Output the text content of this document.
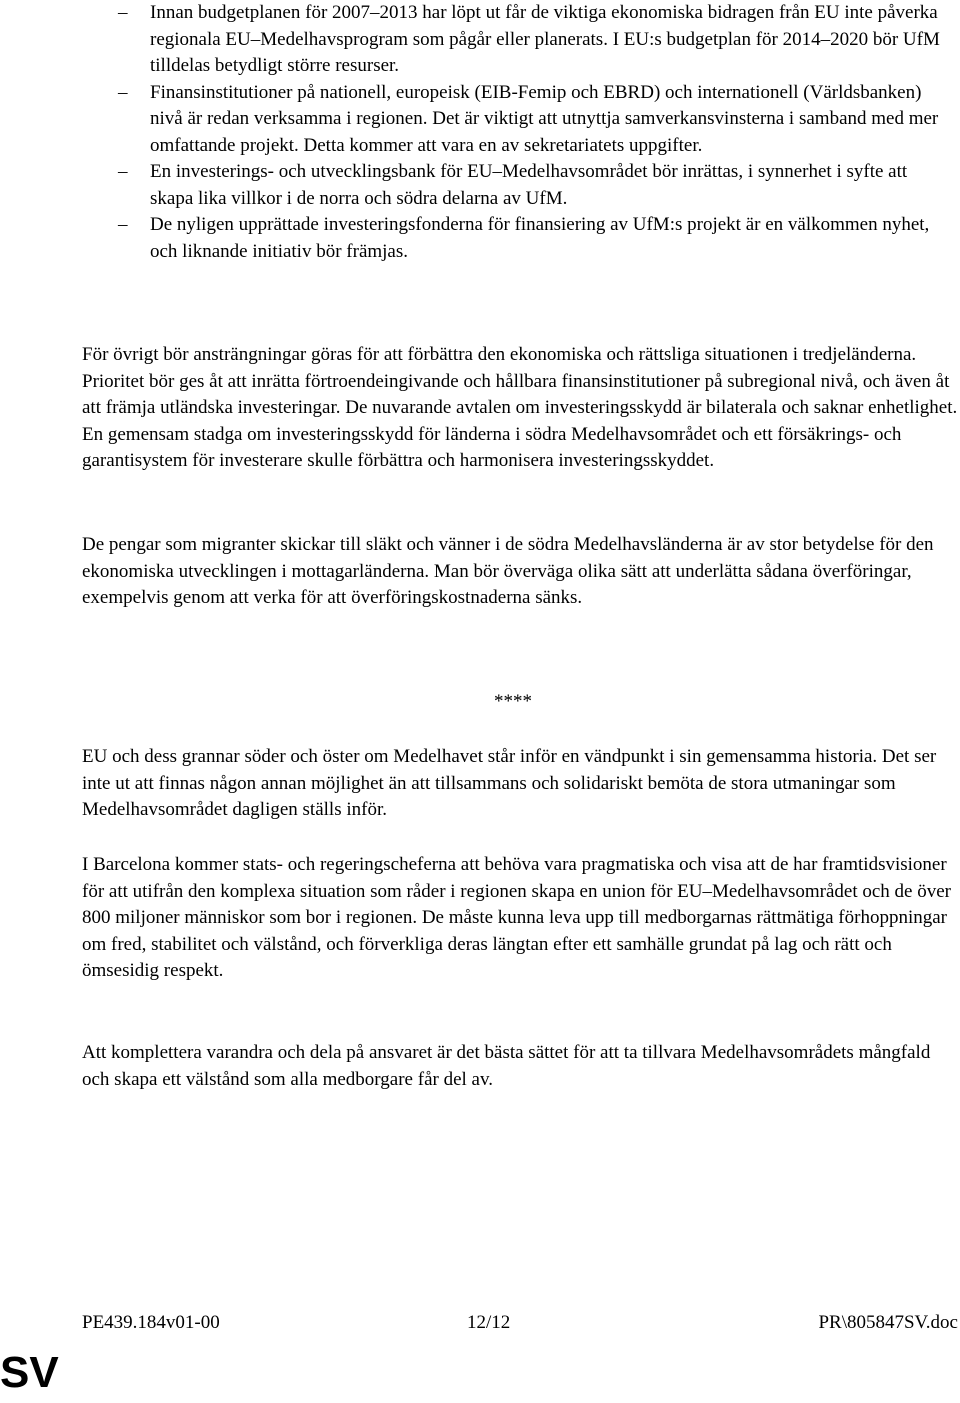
– Innan budgetplanen för 2007–2013 har löpt ut får de viktiga ekonomiska bidragen från EU inte påverka regionala EU–Medelhavsprogram som pågår eller planerats. I EU:s budgetplan för 2014–2020 bör UfM tilldelas betydligt större resurser.
– Finansinstitutioner på nationell, europeisk (EIB-Femip och EBRD) och internationell (Världsbanken) nivå är redan verksamma i regionen. Det är viktigt att utnyttja samverkansvinsterna i samband med mer omfattande projekt. Detta kommer att vara en av sekretariatets uppgifter.
– En investerings- och utvecklingsbank för EU–Medelhavsområdet bör inrättas, i synnerhet i syfte att skapa lika villkor i de norra och södra delarna av UfM.
– De nyligen upprättade investeringsfonderna för finansiering av UfM:s projekt är en välkommen nyhet, och liknande initiativ bör främjas.

För övrigt bör ansträngningar göras för att förbättra den ekonomiska och rättsliga situationen i tredjeländerna. Prioritet bör ges åt att inrätta förtroendeingivande och hållbara finansinstitutioner på subregional nivå, och även åt att främja utländska investeringar. De nuvarande avtalen om investeringsskydd är bilaterala och saknar enhetlighet. En gemensam stadga om investeringsskydd för länderna i södra Medelhavsområdet och ett försäkrings- och garantisystem för investerare skulle förbättra och harmonisera investeringsskyddet.

De pengar som migranter skickar till släkt och vänner i de södra Medelhavsländerna är av stor betydelse för den ekonomiska utvecklingen i mottagarländerna. Man bör överväga olika sätt att underlätta sådana överföringar, exempelvis genom att verka för att överföringskostnaderna sänks.

****

EU och dess grannar söder och öster om Medelhavet står inför en vändpunkt i sin gemensamma historia. Det ser inte ut att finnas någon annan möjlighet än att tillsammans och solidariskt bemöta de stora utmaningar som Medelhavsområdet dagligen ställs inför.

I Barcelona kommer stats- och regeringscheferna att behöva vara pragmatiska och visa att de har framtidsvisioner för att utifrån den komplexa situation som råder i regionen skapa en union för EU–Medelhavsområdet och de över 800 miljoner människor som bor i regionen. De måste kunna leva upp till medborgarnas rättmätiga förhoppningar om fred, stabilitet och välstånd, och förverkliga deras längtan efter ett samhälle grundat på lag och rätt och ömsesidig respekt.

Att komplettera varandra och dela på ansvaret är det bästa sättet för att ta tillvara Medelhavsområdets mångfald och skapa ett välstånd som alla medborgare får del av.

PE439.184v01-00	12/12	PR\805847SV.doc
SV
